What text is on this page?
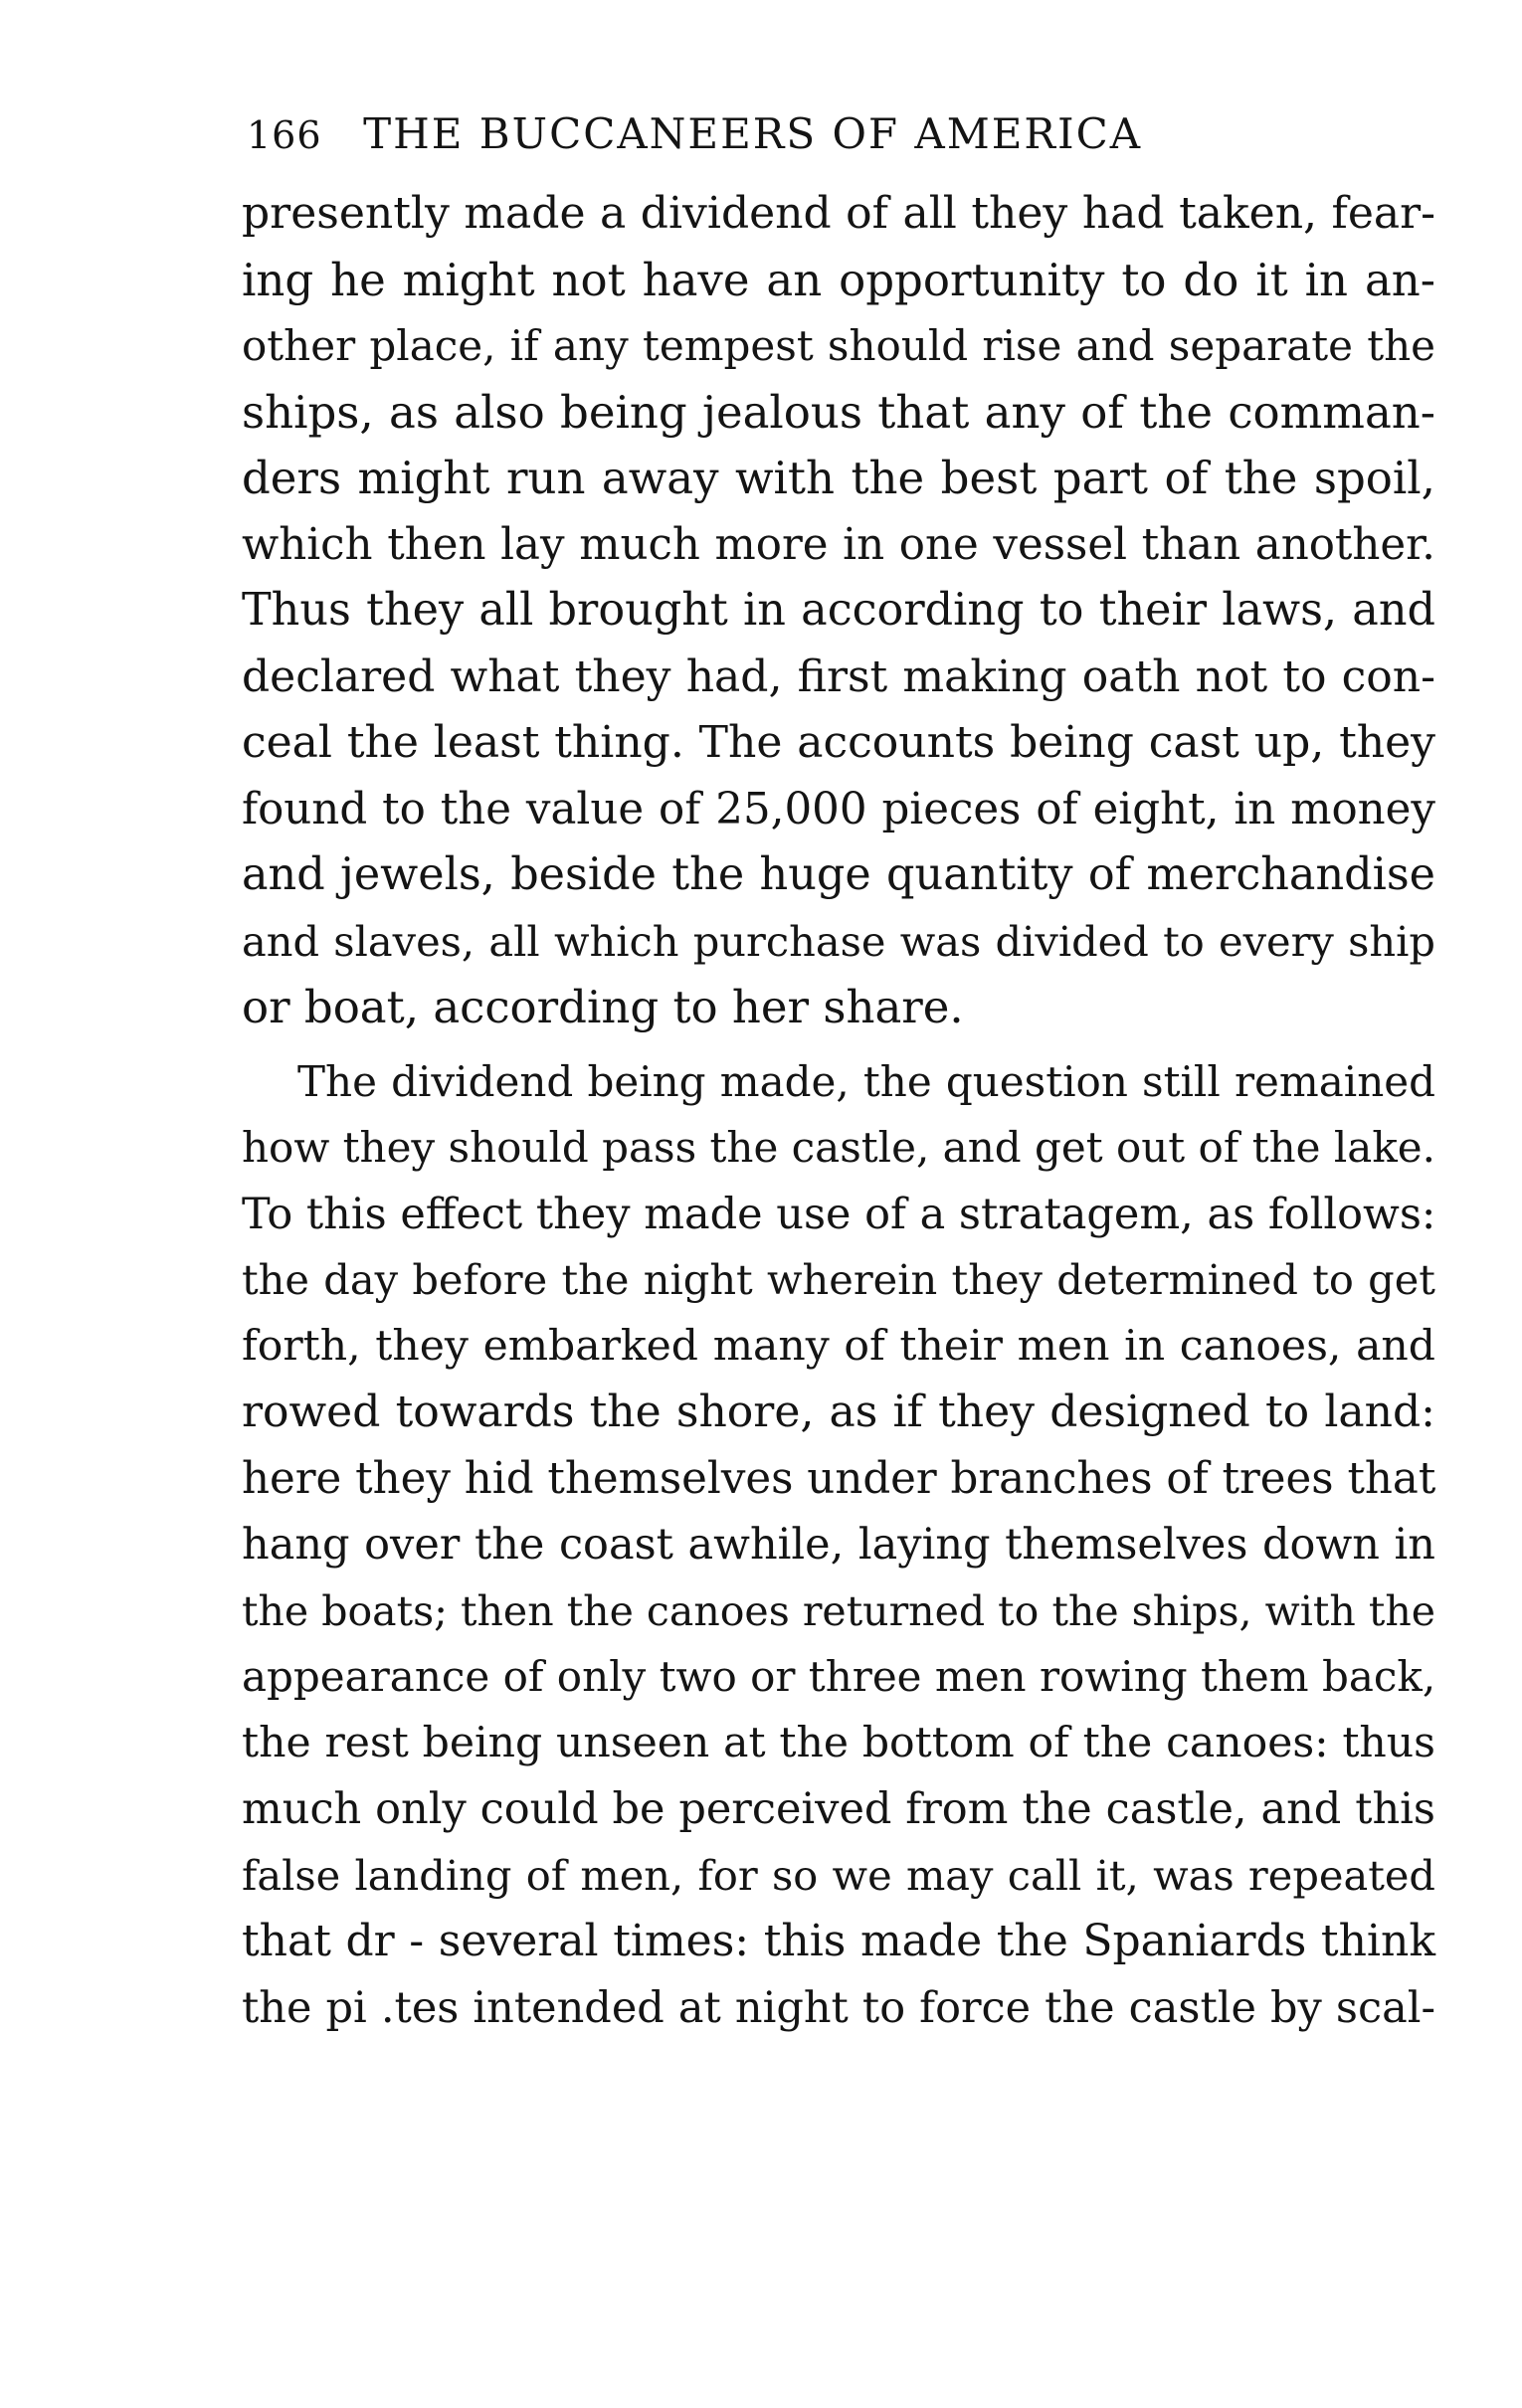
166 THE BUCCANEERS OF AMERICA
presently made a dividend of all they had taken, fear-
ing he might not have an opportunity to do it in an-
other place, if any tempest should rise and separate the
ships, as also being jealous that any of the comman-
ders might run away with the best part of the spoil,
which then lay much more in one vessel than another.
Thus they all brought in according to their laws, and
declared what they had, first making oath not to con-
ceal the least thing. The accounts being cast up, they
found to the value of 25,000 pieces of eight, in money
and jewels, beside the huge quantity of merchandise
and slaves, all which purchase was divided to every ship
or boat, according to her share.
The dividend being made, the question still remained
how they should pass the castle, and get out of the lake.
To this effect they made use of a stratagem, as follows:
the day before the night wherein they determined to get
forth, they embarked many of their men in canoes, and
rowed towards the shore, as if they designed to land:
here they hid themselves under branches of trees that
hang over the coast awhile, laying themselves down in
the boats; then the canoes returned to the ships, with the
appearance of only two or three men rowing them back,
the rest being unseen at the bottom of the canoes: thus
much only could be perceived from the castle, and this
false landing of men, for so we may call it, was repeated
that dr - several times: this made the Spaniards think
the pi .tes intended at night to force the castle by scal-
